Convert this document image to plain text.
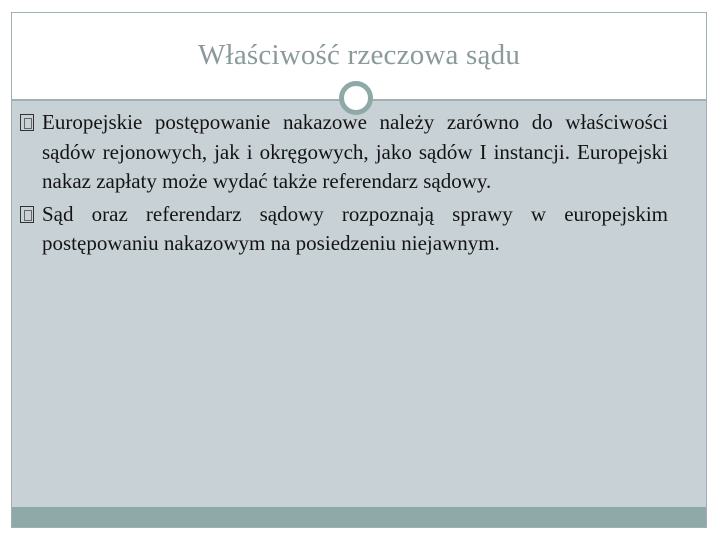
Właściwość rzeczowa sądu

Europejskie postępowanie nakazowe należy zarówno do właściwości sądów rejonowych, jak i okręgowych, jako sądów I instancji. Europejski nakaz zapłaty może wydać także referendarz sądowy.

Sąd oraz referendarz sądowy rozpoznają sprawy w europejskim postępowaniu nakazowym na posiedzeniu niejawnym.
